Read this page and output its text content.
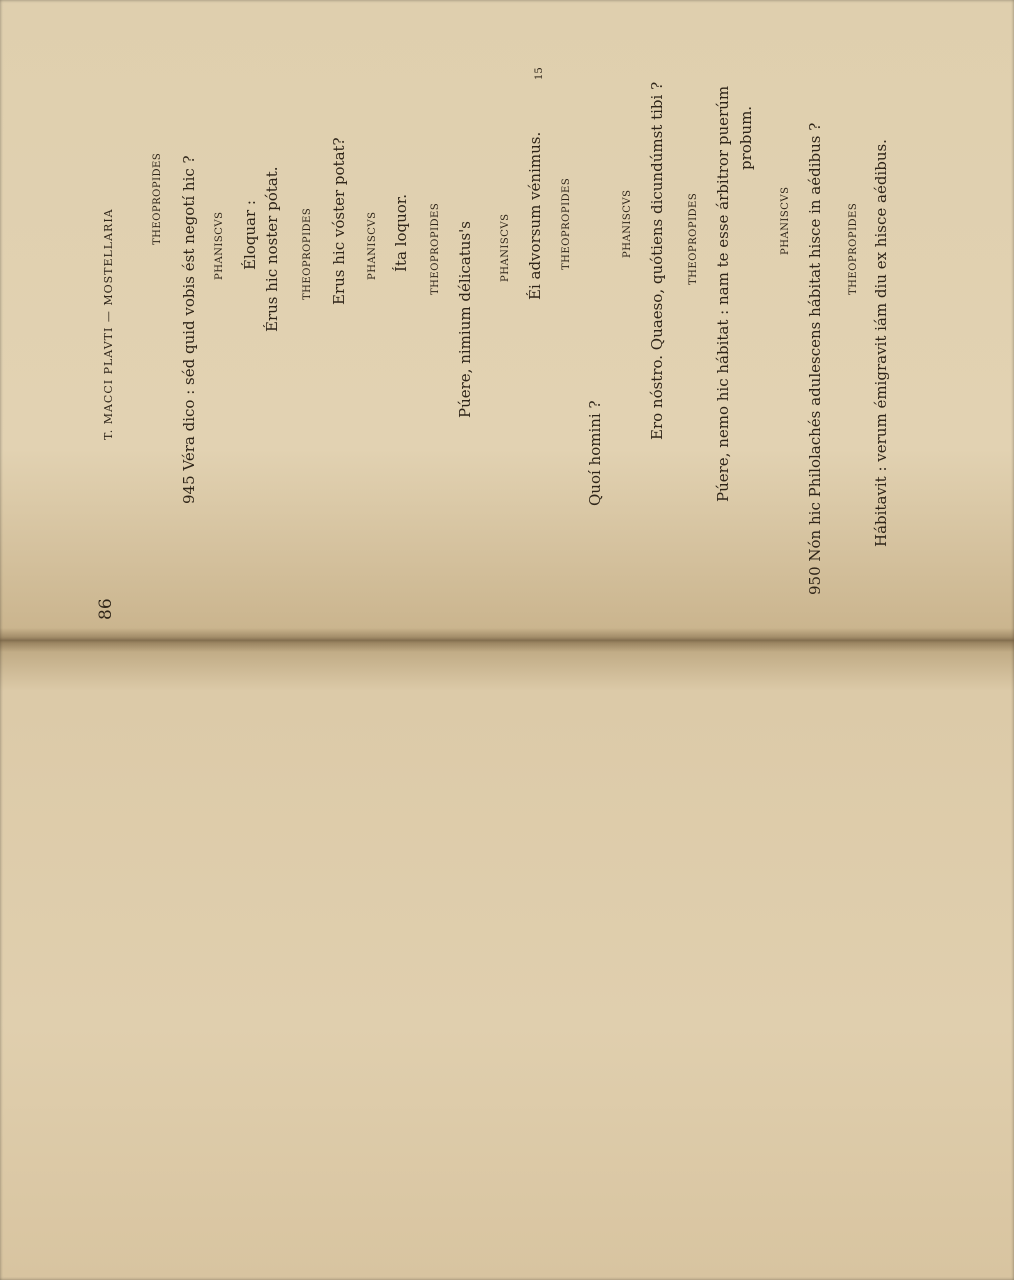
86
T. MACCI PLAVTI — MOSTELLARIA
THEOPROPIDES 945 Véra dico : séd quid vobis ést negotí hic ? PHANISCVS Éloquar : Érus hic noster pótat. THEOPROPIDES Erus hic vóster potat? PHANISCVS Íta loquor. THEOPROPIDES Púere, nimium délicatus's	PHANISCVS Éi advorsum vénimus.
15
THEOPROPIDES
Quoí homini ?
PHANISCVS Ero nóstro. Quaeso, quótiens dicundúmst tibi ? THEOPROPIDES Púere, nemo hic hábitat : nam te esse árbitror puerúm probum.
PHANISCVS 950 Nón hic Philolachés adulescens hábitat hisce in aédibus ? THEOPROPIDES Hábitavit : verum émigravit iám diu ex hisce aédibus.
